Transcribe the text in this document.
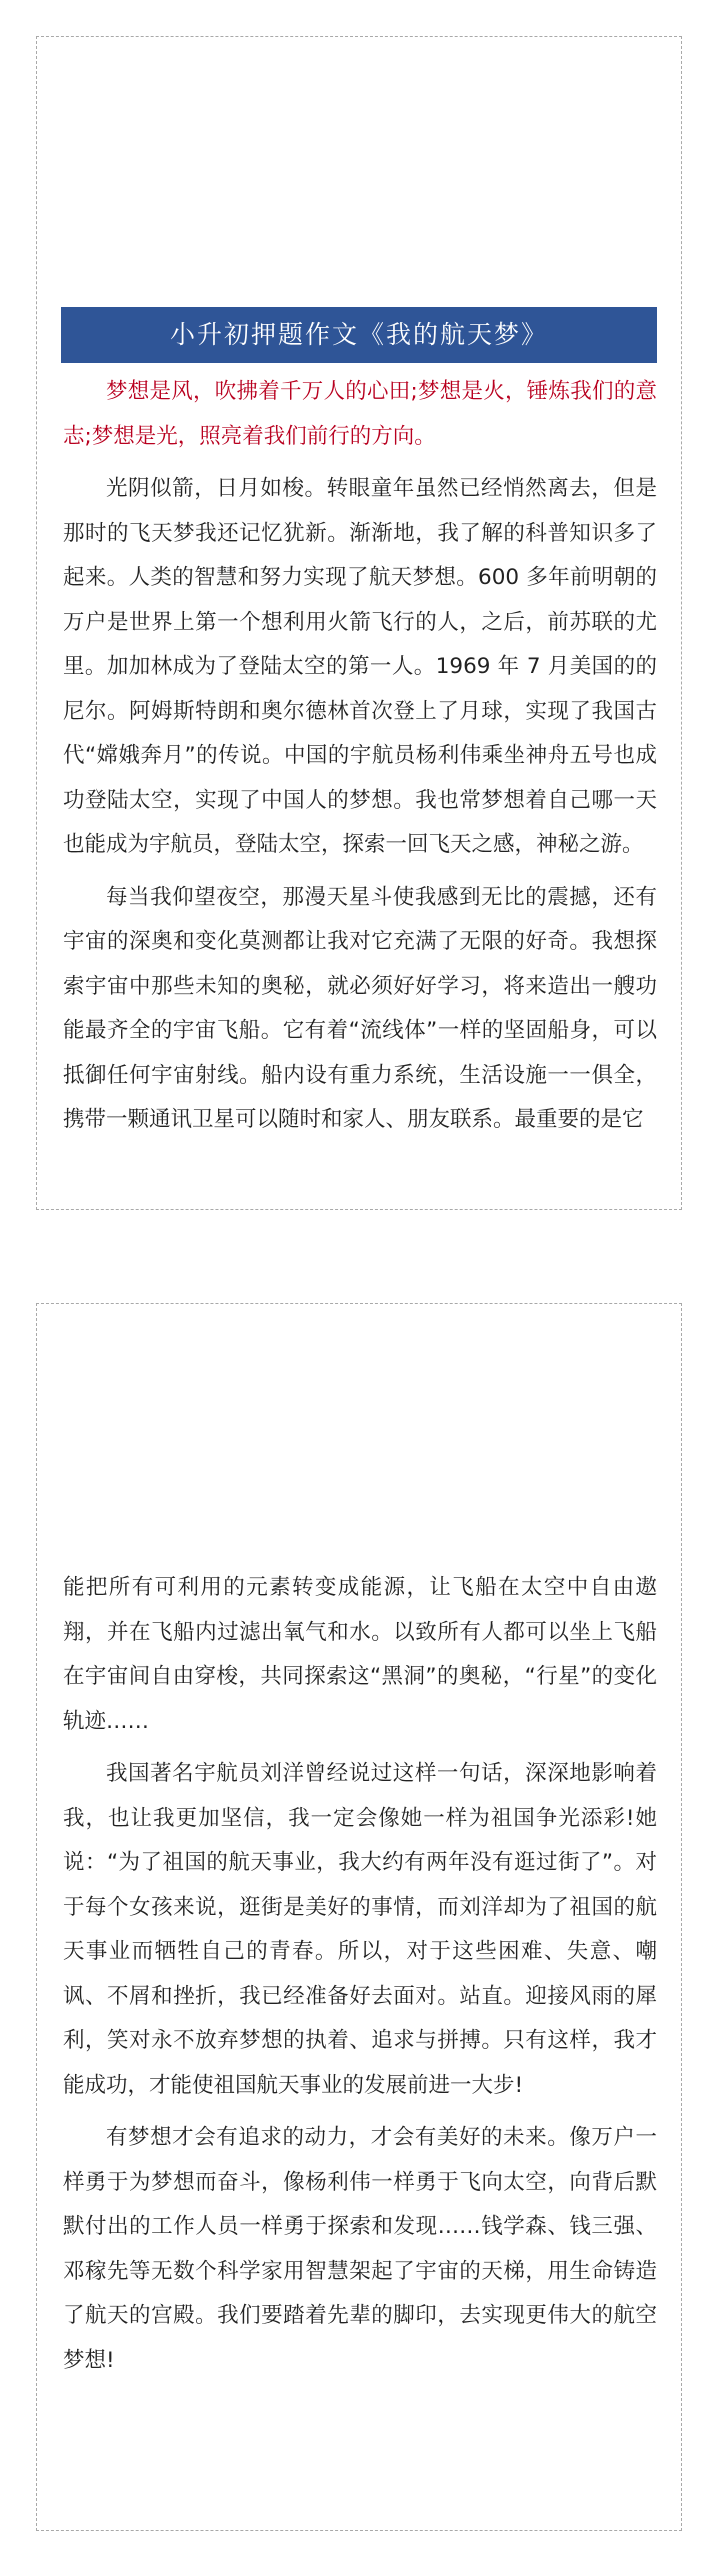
小升初押题作文《我的航天梦》

梦想是风，吹拂着千万人的心田;梦想是火，锤炼我们的意志;梦想是光，照亮着我们前行的方向。

光阴似箭，日月如梭。转眼童年虽然已经悄然离去，但是那时的飞天梦我还记忆犹新。渐渐地，我了解的科普知识多了起来。人类的智慧和努力实现了航天梦想。600 多年前明朝的万户是世界上第一个想利用火箭飞行的人，之后，前苏联的尤里。加加林成为了登陆太空的第一人。1969 年 7 月美国的的尼尔。阿姆斯特朗和奥尔德林首次登上了月球，实现了我国古代“嫦娥奔月”的传说。中国的宇航员杨利伟乘坐神舟五号也成功登陆太空，实现了中国人的梦想。我也常梦想着自己哪一天也能成为宇航员，登陆太空，探索一回飞天之感，神秘之游。

每当我仰望夜空，那漫天星斗使我感到无比的震撼，还有宇宙的深奥和变化莫测都让我对它充满了无限的好奇。我想探索宇宙中那些未知的奥秘，就必须好好学习，将来造出一艘功能最齐全的宇宙飞船。它有着“流线体”一样的坚固船身，可以抵御任何宇宙射线。船内设有重力系统，生活设施一一俱全，携带一颗通讯卫星可以随时和家人、朋友联系。最重要的是它

能把所有可利用的元素转变成能源，让飞船在太空中自由遨翔，并在飞船内过滤出氧气和水。以致所有人都可以坐上飞船在宇宙间自由穿梭，共同探索这“黑洞”的奥秘，“行星”的变化轨迹……

我国著名宇航员刘洋曾经说过这样一句话，深深地影响着我，也让我更加坚信，我一定会像她一样为祖国争光添彩!她说：“为了祖国的航天事业，我大约有两年没有逛过街了”。对于每个女孩来说，逛街是美好的事情，而刘洋却为了祖国的航天事业而牺牲自己的青春。所以，对于这些困难、失意、嘲讽、不屑和挫折，我已经准备好去面对。站直。迎接风雨的犀利，笑对永不放弃梦想的执着、追求与拼搏。只有这样，我才能成功，才能使祖国航天事业的发展前进一大步!

有梦想才会有追求的动力，才会有美好的未来。像万户一样勇于为梦想而奋斗，像杨利伟一样勇于飞向太空，向背后默默付出的工作人员一样勇于探索和发现……钱学森、钱三强、邓稼先等无数个科学家用智慧架起了宇宙的天梯，用生命铸造了航天的宫殿。我们要踏着先辈的脚印，去实现更伟大的航空梦想!
